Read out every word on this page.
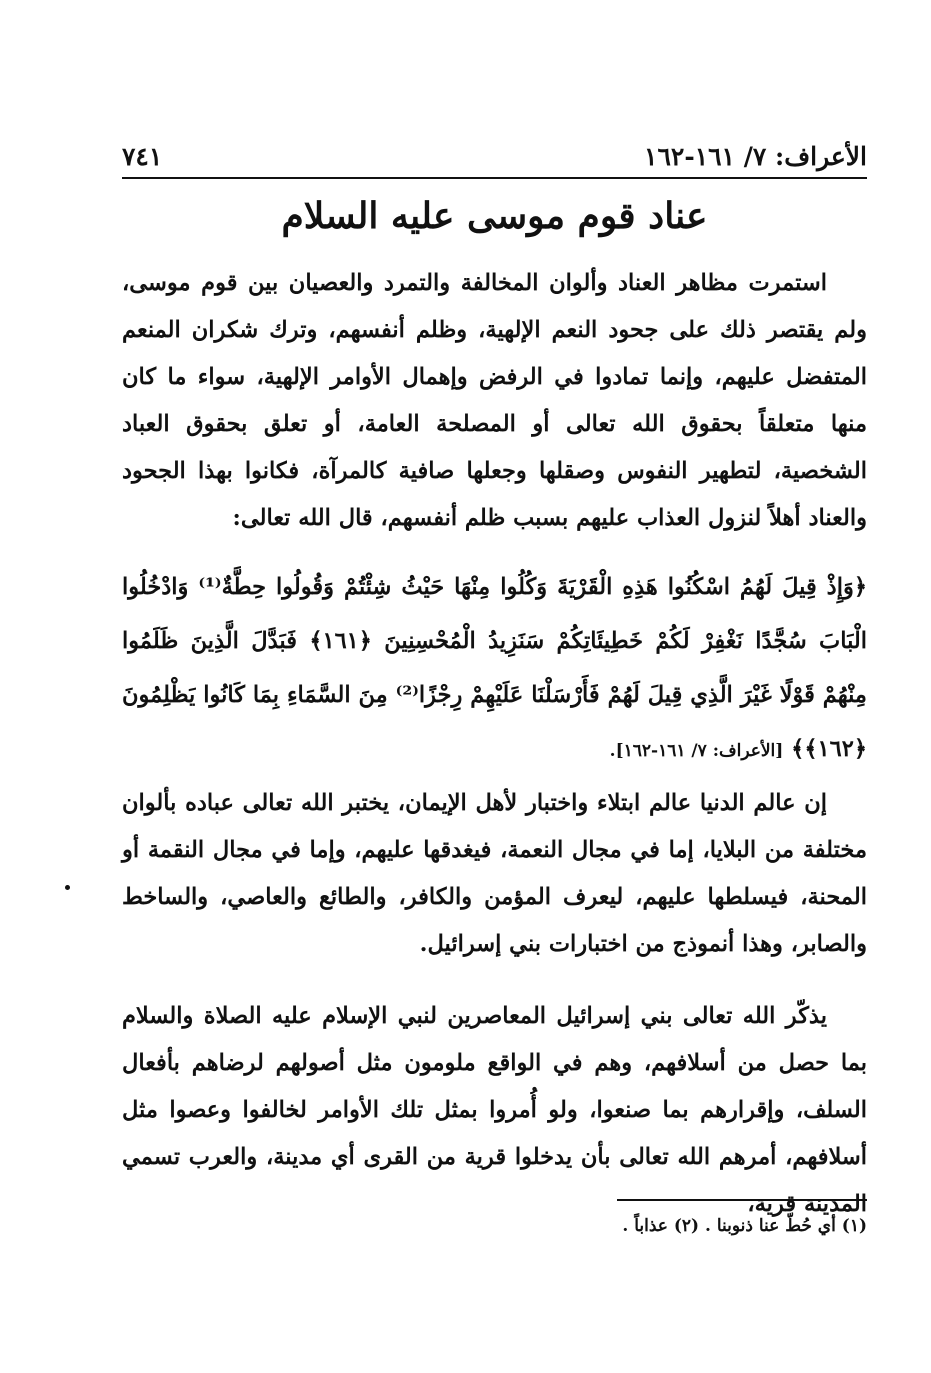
الأعراف: ٧/ ١٦١-١٦٢
٧٤١
عناد قوم موسى عليه السلام

استمرت مظاهر العناد وألوان المخالفة والتمرد والعصيان بين قوم موسى، ولم يقتصر ذلك على جحود النعم الإلهية، وظلم أنفسهم، وترك شكران المنعم المتفضل عليهم، وإنما تمادوا في الرفض وإهمال الأوامر الإلهية، سواء ما كان منها متعلقاً بحقوق الله تعالى أو المصلحة العامة، أو تعلق بحقوق العباد الشخصية، لتطهير النفوس وصقلها وجعلها صافية كالمرآة، فكانوا بهذا الجحود والعناد أهلاً لنزول العذاب عليهم بسبب ظلم أنفسهم، قال الله تعالى:

﴿وَإِذْ قِيلَ لَهُمُ اسْكُنُوا هَذِهِ الْقَرْيَةَ وَكُلُوا مِنْهَا حَيْثُ شِئْتُمْ وَقُولُوا حِطَّةٌ⁽¹⁾ وَادْخُلُوا الْبَابَ سُجَّدًا نَغْفِرْ لَكُمْ خَطِيئَاتِكُمْ سَنَزِيدُ الْمُحْسِنِينَ ﴿١٦١﴾ فَبَدَّلَ الَّذِينَ ظَلَمُوا مِنْهُمْ قَوْلًا غَيْرَ الَّذِي قِيلَ لَهُمْ فَأَرْسَلْنَا عَلَيْهِمْ رِجْزًا⁽²⁾ مِنَ السَّمَاءِ بِمَا كَانُوا يَظْلِمُونَ ﴿١٦٢﴾﴾ [الأعراف: ٧/ ١٦١-١٦٢].

إن عالم الدنيا عالم ابتلاء واختبار لأهل الإيمان، يختبر الله تعالى عباده بألوان مختلفة من البلايا، إما في مجال النعمة، فيغدقها عليهم، وإما في مجال النقمة أو المحنة، فيسلطها عليهم، ليعرف المؤمن والكافر، والطائع والعاصي، والساخط والصابر، وهذا أنموذج من اختبارات بني إسرائيل.

يذكّر الله تعالى بني إسرائيل المعاصرين لنبي الإسلام عليه الصلاة والسلام بما حصل من أسلافهم، وهم في الواقع ملومون مثل أصولهم لرضاهم بأفعال السلف، وإقرارهم بما صنعوا، ولو أُمروا بمثل تلك الأوامر لخالفوا وعصوا مثل أسلافهم، أمرهم الله تعالى بأن يدخلوا قرية من القرى أي مدينة، والعرب تسمي المدينة قرية،

(١) أي حُطّ عنا ذنوبنا . (٢) عذاباً .
